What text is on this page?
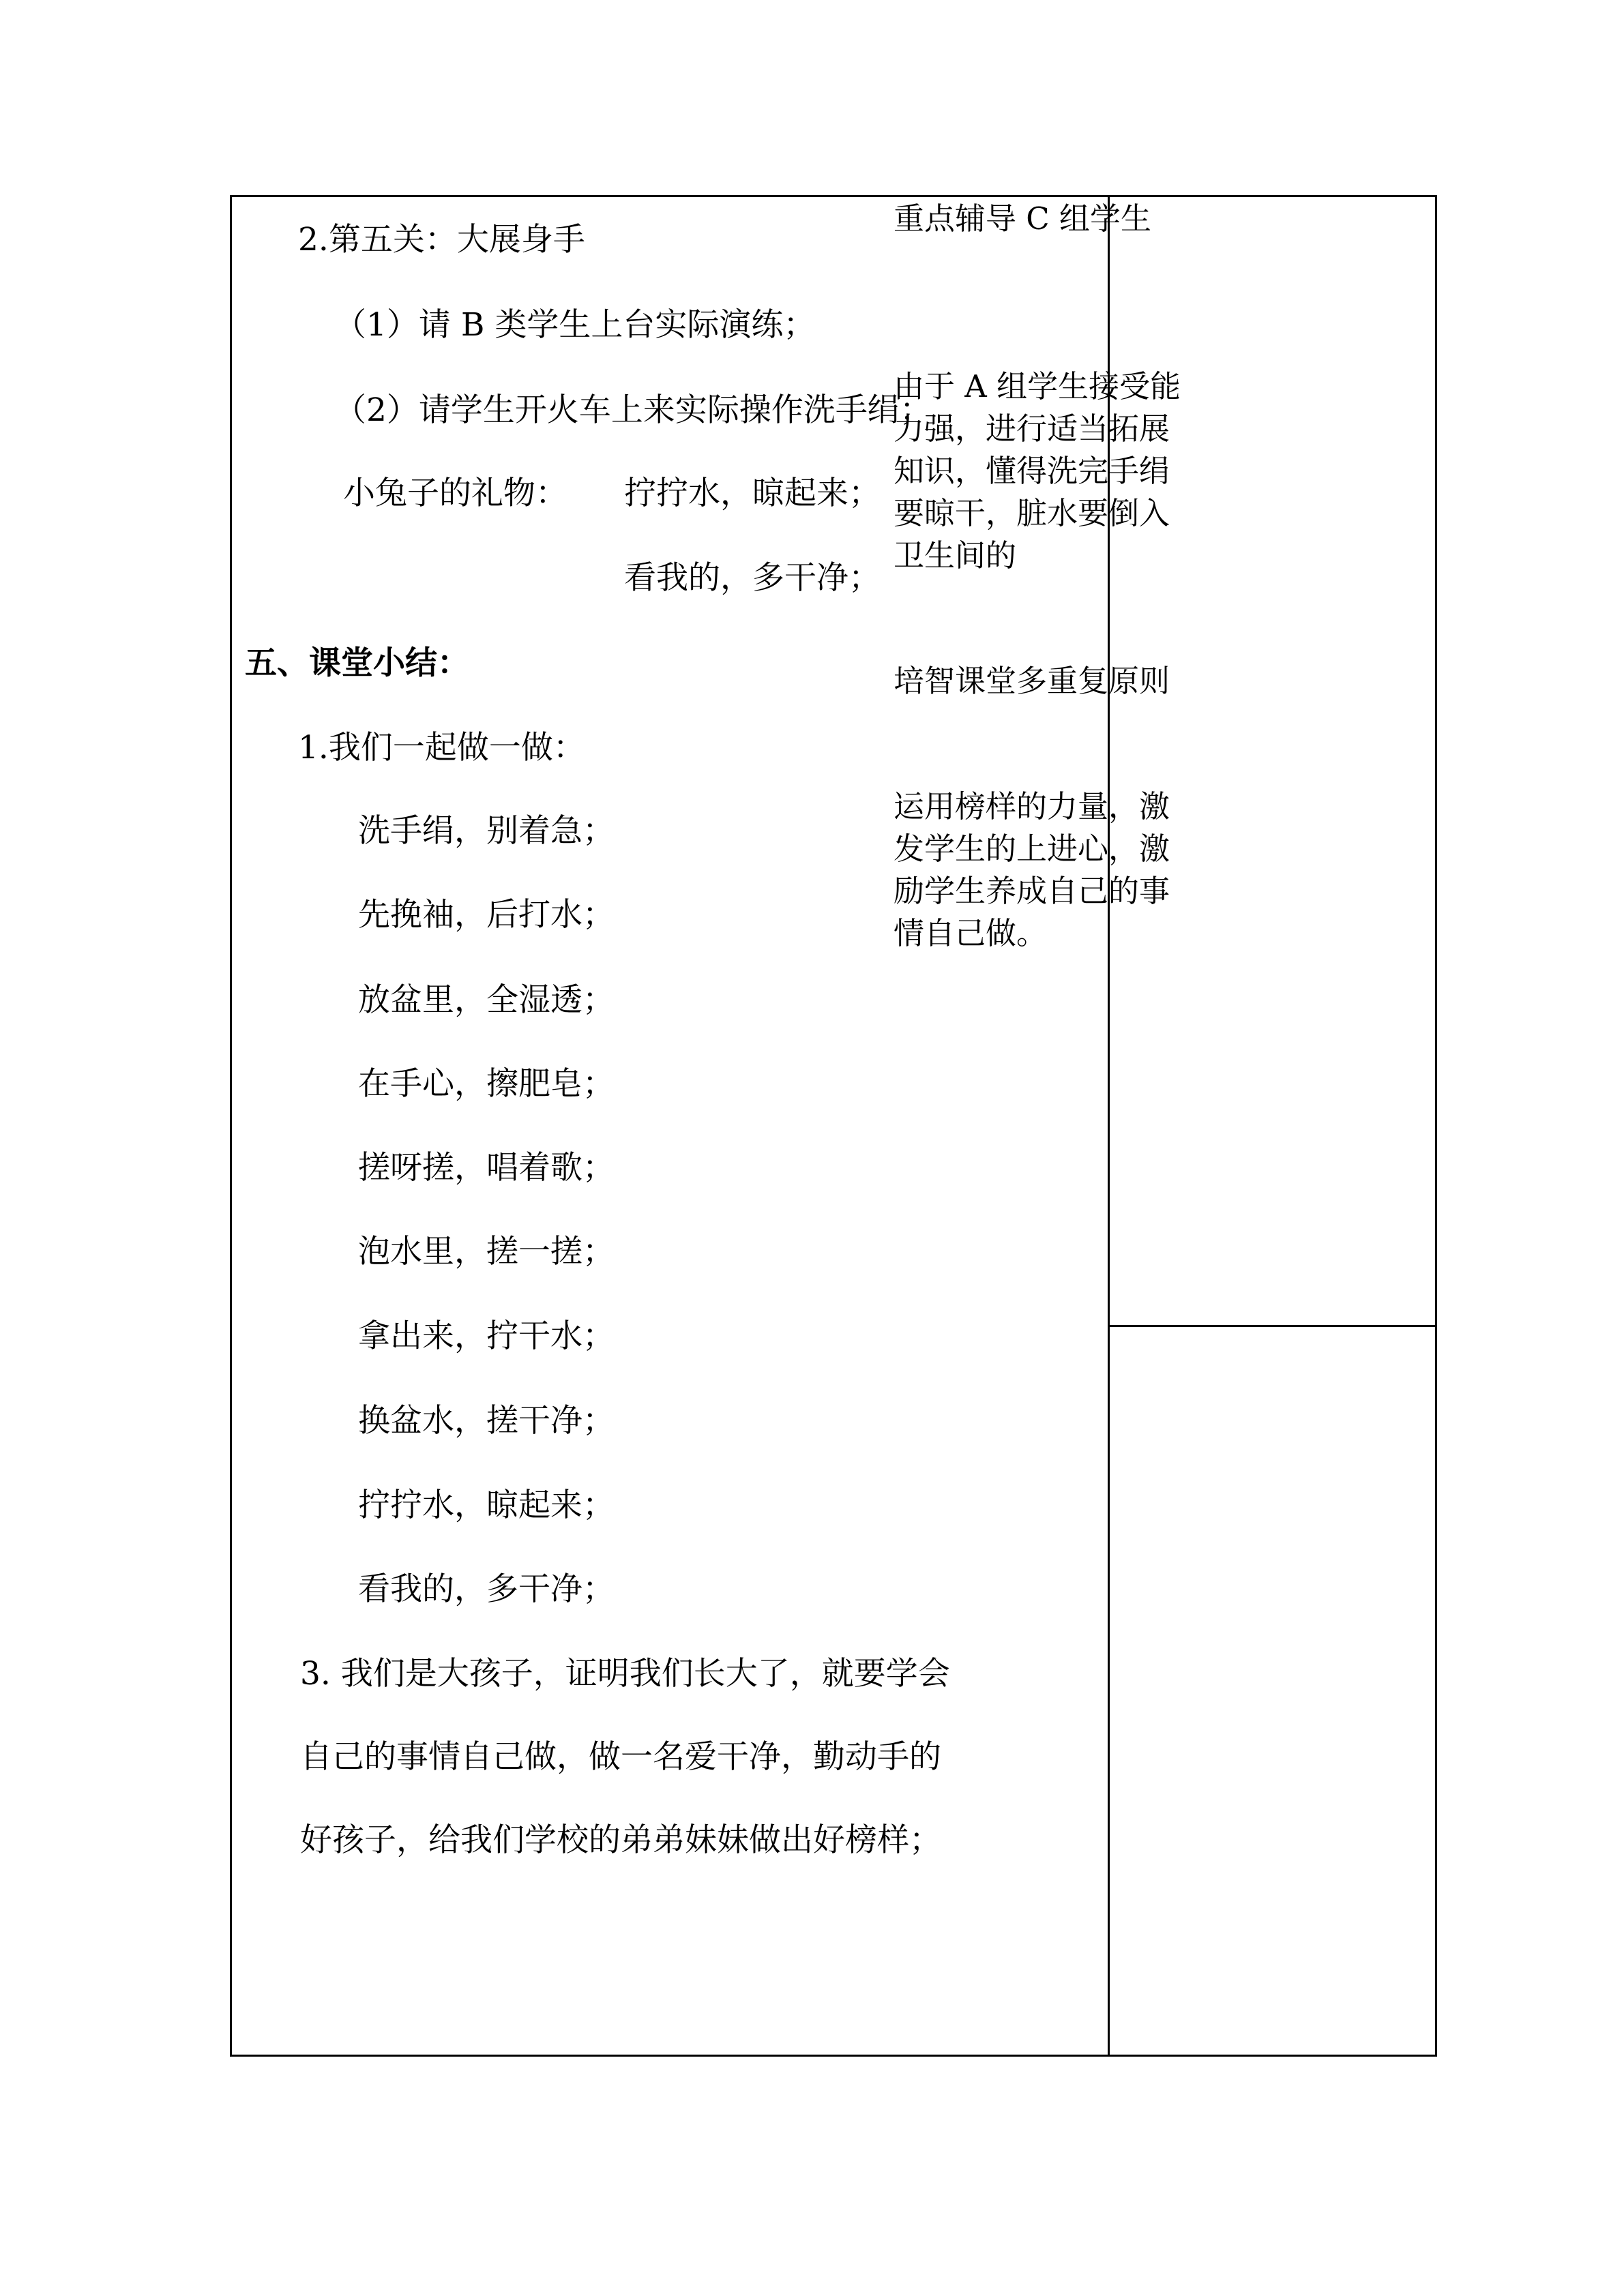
2.第五关：大展身手
（1）请 B 类学生上台实际演练；
（2）请学生开火车上来实际操作洗手绢；
小兔子的礼物： 拧拧水，晾起来；
看我的，多干净；
五、课堂小结：
1.我们一起做一做：
洗手绢，别着急；
先挽袖，后打水；
放盆里，全湿透；
在手心，擦肥皂；
搓呀搓，唱着歌；
泡水里，搓一搓；
拿出来，拧干水；
换盆水，搓干净；
拧拧水，晾起来；
看我的，多干净；
3. 我们是大孩子，证明我们长大了，就要学会
自己的事情自己做，做一名爱干净，勤动手的
好孩子，给我们学校的弟弟妹妹做出好榜样；
重点辅导 C 组学生
由于 A 组学生接受能力强，进行适当拓展知识，懂得洗完手绢要晾干，脏水要倒入卫生间的
培智课堂多重复原则
运用榜样的力量，激发学生的上进心，激励学生养成自己的事情自己做。
